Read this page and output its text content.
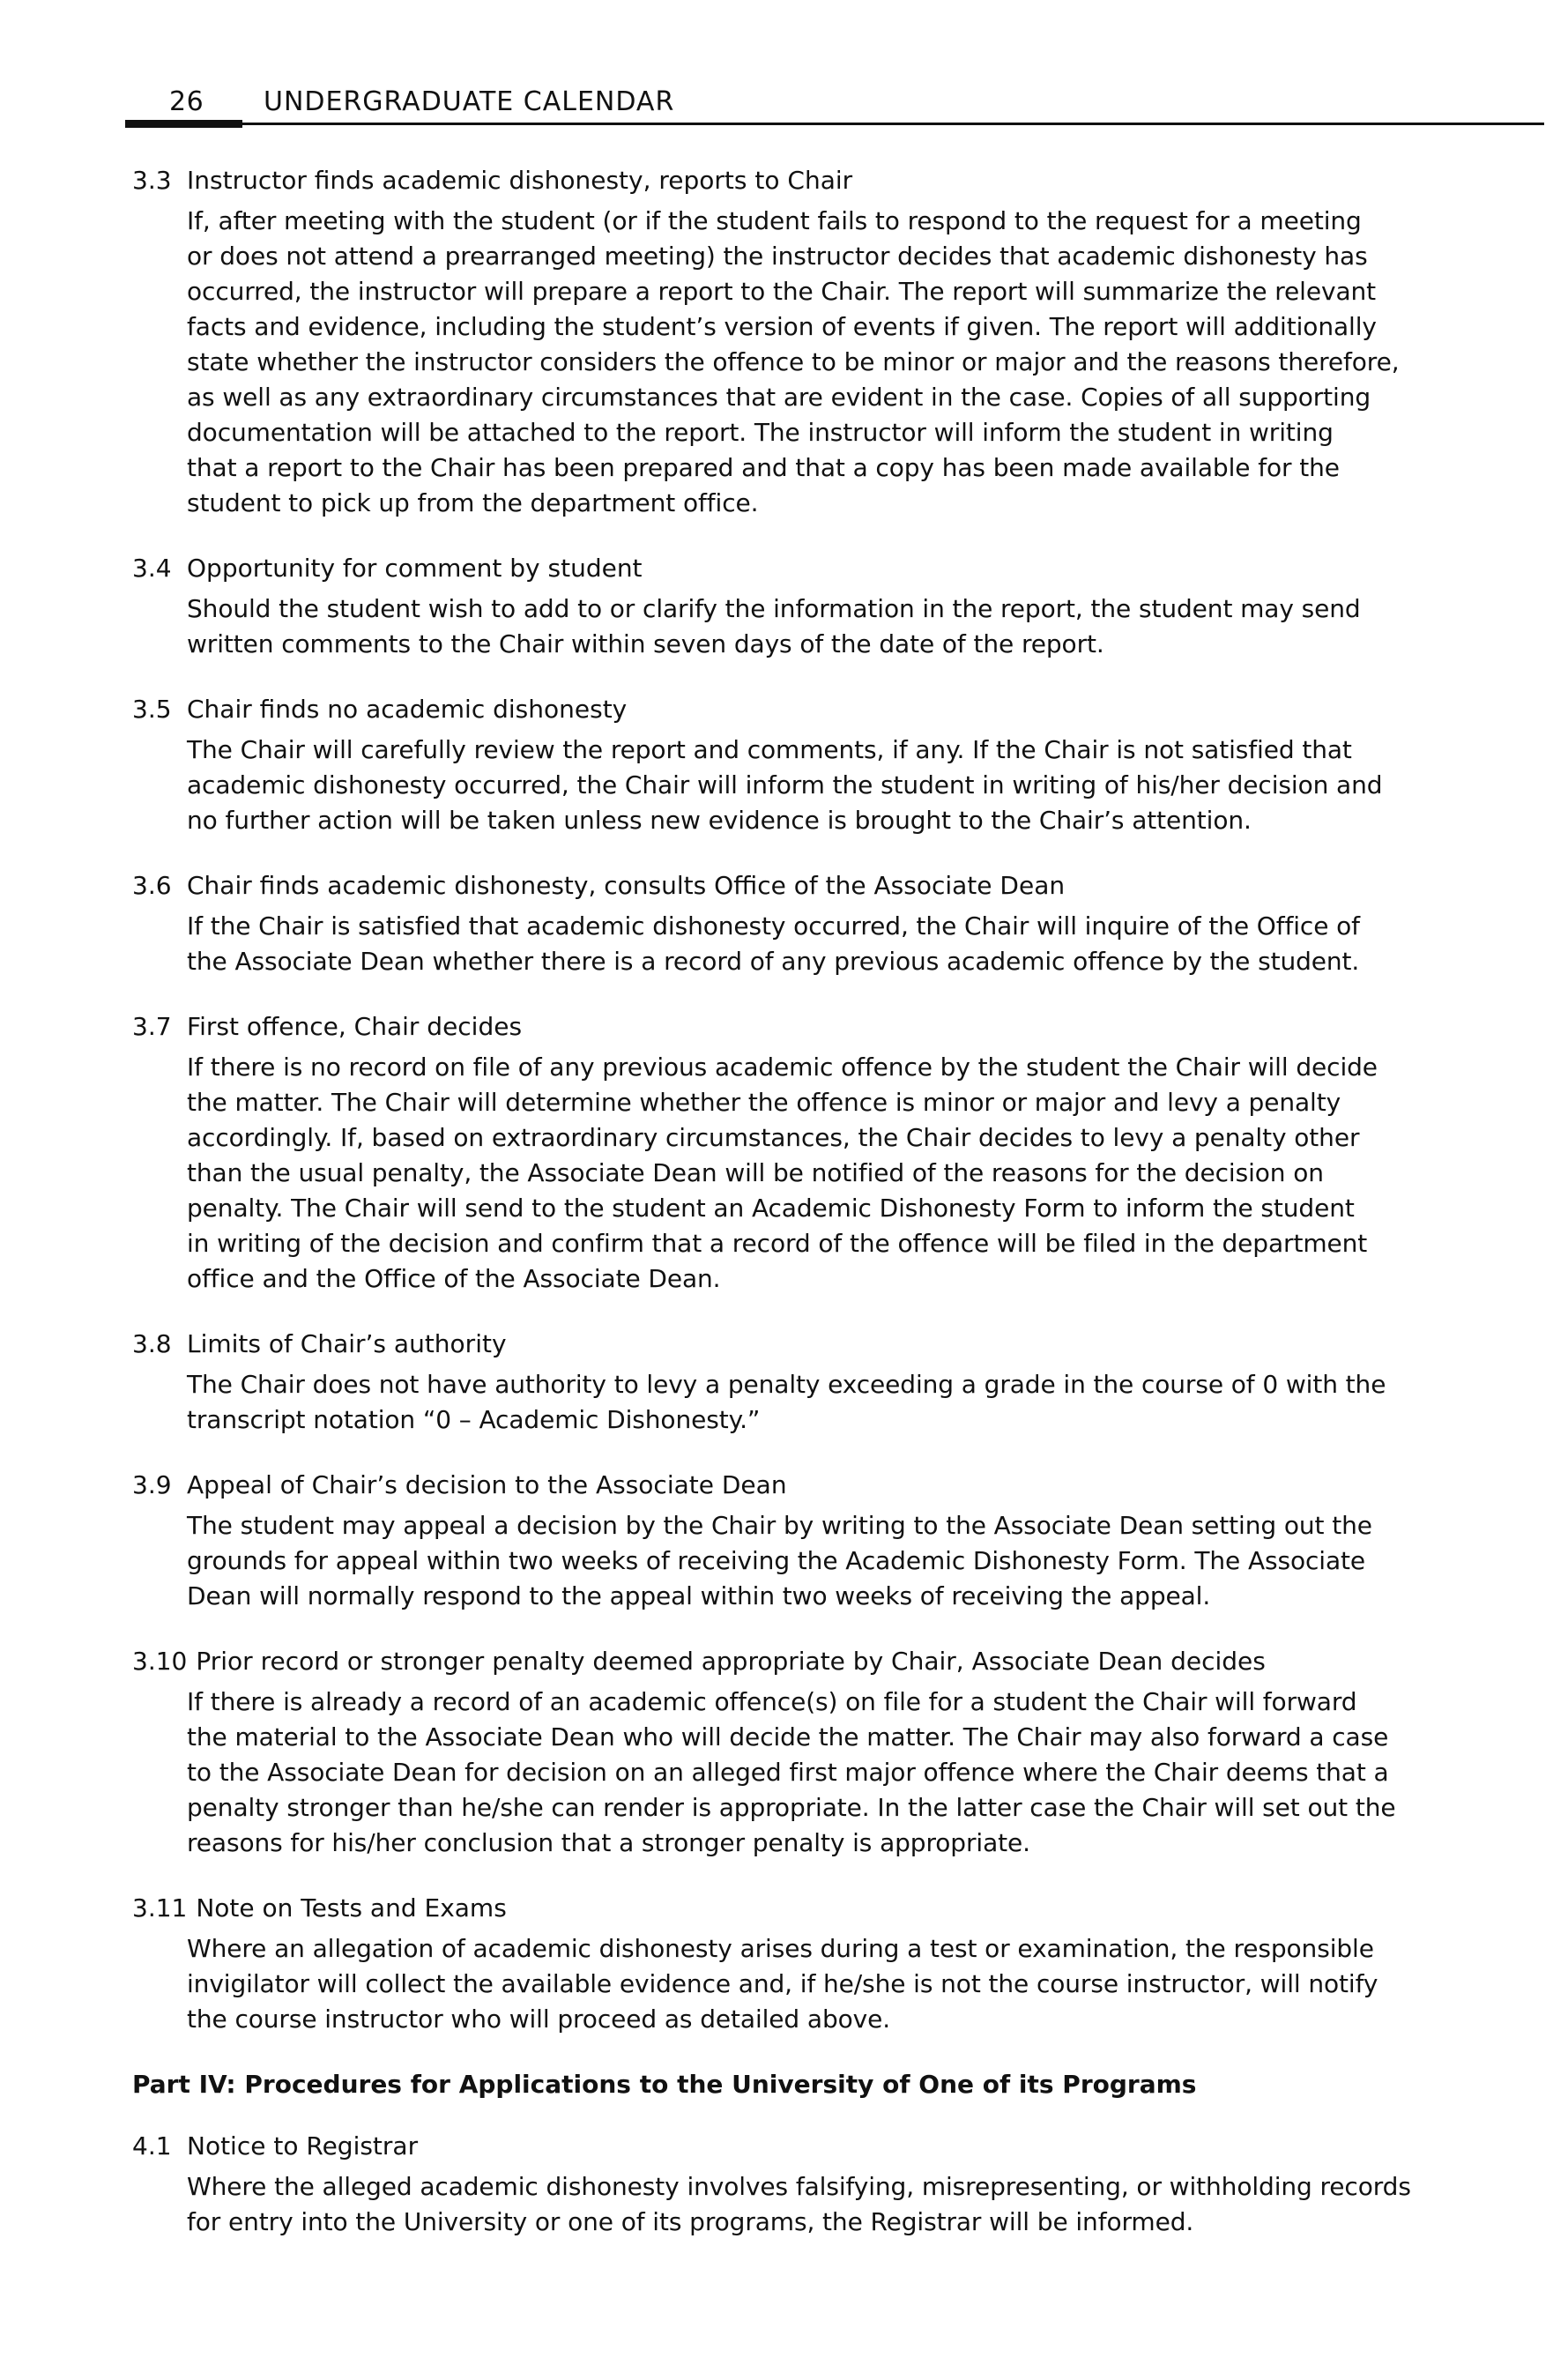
26 UNDERGRADUATE CALENDAR
3.3 Instructor finds academic dishonesty, reports to Chair
If, after meeting with the student (or if the student fails to respond to the request for a meeting
or does not attend a prearranged meeting) the instructor decides that academic dishonesty has
occurred, the instructor will prepare a report to the Chair. The report will summarize the relevant
facts and evidence, including the student’s version of events if given. The report will additionally
state whether the instructor considers the offence to be minor or major and the reasons therefore,
as well as any extraordinary circumstances that are evident in the case. Copies of all supporting
documentation will be attached to the report. The instructor will inform the student in writing
that a report to the Chair has been prepared and that a copy has been made available for the
student to pick up from the department office.
3.4 Opportunity for comment by student
Should the student wish to add to or clarify the information in the report, the student may send
written comments to the Chair within seven days of the date of the report.
3.5 Chair finds no academic dishonesty
The Chair will carefully review the report and comments, if any. If the Chair is not satisfied that
academic dishonesty occurred, the Chair will inform the student in writing of his/her decision and
no further action will be taken unless new evidence is brought to the Chair’s attention.
3.6 Chair finds academic dishonesty, consults Office of the Associate Dean
If the Chair is satisfied that academic dishonesty occurred, the Chair will inquire of the Office of
the Associate Dean whether there is a record of any previous academic offence by the student.
3.7 First offence, Chair decides
If there is no record on file of any previous academic offence by the student the Chair will decide
the matter. The Chair will determine whether the offence is minor or major and levy a penalty
accordingly. If, based on extraordinary circumstances, the Chair decides to levy a penalty other
than the usual penalty, the Associate Dean will be notified of the reasons for the decision on
penalty. The Chair will send to the student an Academic Dishonesty Form to inform the student
in writing of the decision and confirm that a record of the offence will be filed in the department
office and the Office of the Associate Dean.
3.8 Limits of Chair’s authority
The Chair does not have authority to levy a penalty exceeding a grade in the course of 0 with the
transcript notation “0 – Academic Dishonesty.”
3.9 Appeal of Chair’s decision to the Associate Dean
The student may appeal a decision by the Chair by writing to the Associate Dean setting out the
grounds for appeal within two weeks of receiving the Academic Dishonesty Form. The Associate
Dean will normally respond to the appeal within two weeks of receiving the appeal.
3.10 Prior record or stronger penalty deemed appropriate by Chair, Associate Dean decides
If there is already a record of an academic offence(s) on file for a student the Chair will forward
the material to the Associate Dean who will decide the matter. The Chair may also forward a case
to the Associate Dean for decision on an alleged first major offence where the Chair deems that a
penalty stronger than he/she can render is appropriate. In the latter case the Chair will set out the
reasons for his/her conclusion that a stronger penalty is appropriate.
3.11 Note on Tests and Exams
Where an allegation of academic dishonesty arises during a test or examination, the responsible
invigilator will collect the available evidence and, if he/she is not the course instructor, will notify
the course instructor who will proceed as detailed above.
Part IV: Procedures for Applications to the University of One of its Programs
4.1 Notice to Registrar
Where the alleged academic dishonesty involves falsifying, misrepresenting, or withholding records
for entry into the University or one of its programs, the Registrar will be informed.
